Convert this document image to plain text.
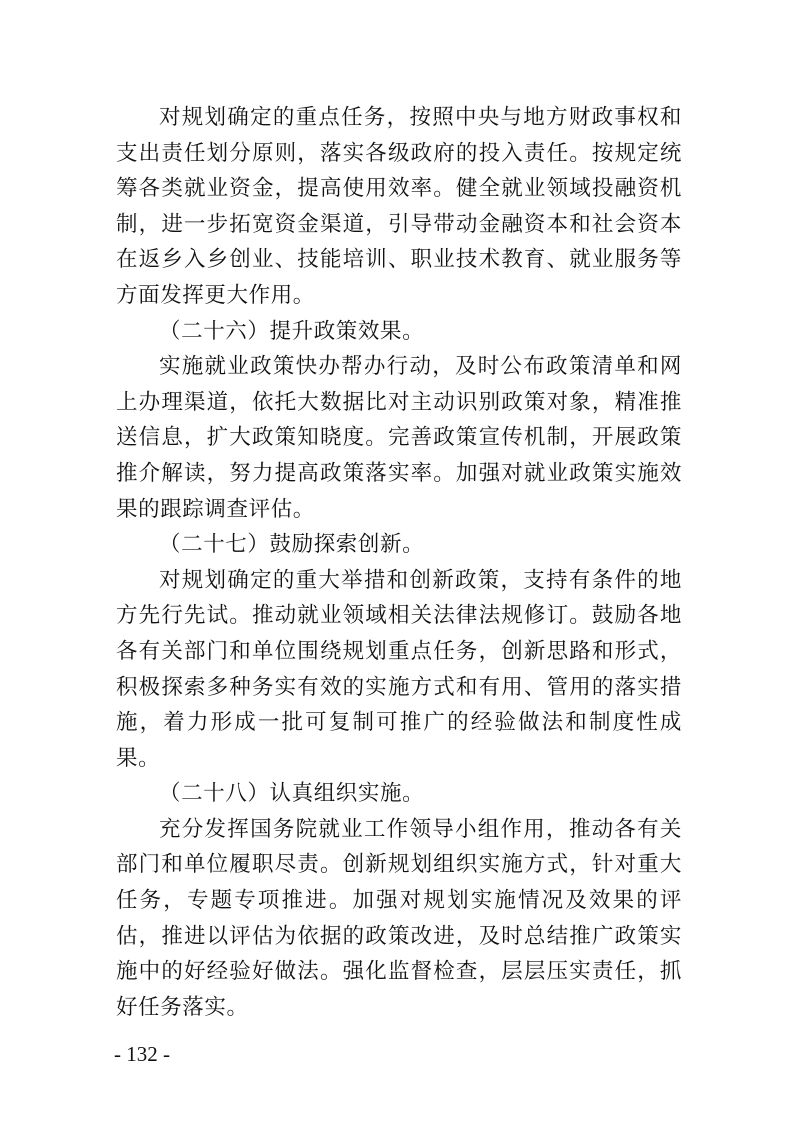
对规划确定的重点任务，按照中央与地方财政事权和支出责任划分原则，落实各级政府的投入责任。按规定统筹各类就业资金，提高使用效率。健全就业领域投融资机制，进一步拓宽资金渠道，引导带动金融资本和社会资本在返乡入乡创业、技能培训、职业技术教育、就业服务等方面发挥更大作用。

（二十六）提升政策效果。

实施就业政策快办帮办行动，及时公布政策清单和网上办理渠道，依托大数据比对主动识别政策对象，精准推送信息，扩大政策知晓度。完善政策宣传机制，开展政策推介解读，努力提高政策落实率。加强对就业政策实施效果的跟踪调查评估。

（二十七）鼓励探索创新。

对规划确定的重大举措和创新政策，支持有条件的地方先行先试。推动就业领域相关法律法规修订。鼓励各地各有关部门和单位围绕规划重点任务，创新思路和形式，积极探索多种务实有效的实施方式和有用、管用的落实措施，着力形成一批可复制可推广的经验做法和制度性成果。

（二十八）认真组织实施。

充分发挥国务院就业工作领导小组作用，推动各有关部门和单位履职尽责。创新规划组织实施方式，针对重大任务，专题专项推进。加强对规划实施情况及效果的评估，推进以评估为依据的政策改进，及时总结推广政策实施中的好经验好做法。强化监督检查，层层压实责任，抓好任务落实。

- 132 -
